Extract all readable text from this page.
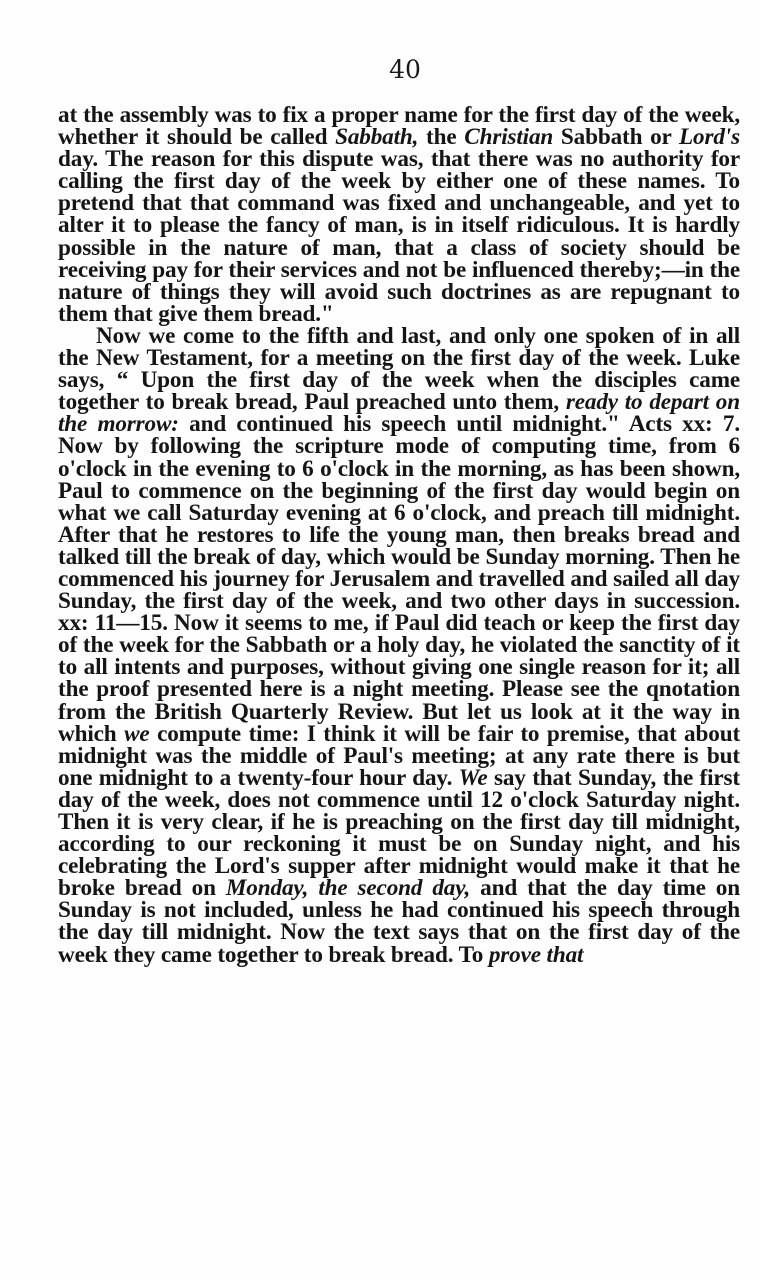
40

at the assembly was to fix a proper name for the first day of the week, whether it should be called Sabbath, the Christian Sabbath or Lord's day. The reason for this dispute was, that there was no authority for calling the first day of the week by either one of these names. To pretend that that command was fixed and unchangeable, and yet to alter it to please the fancy of man, is in itself ridiculous. It is hardly possible in the nature of man, that a class of society should be receiving pay for their services and not be influenced thereby;—in the nature of things they will avoid such doctrines as are repugnant to them that give them bread."

Now we come to the fifth and last, and only one spoken of in all the New Testament, for a meeting on the first day of the week. Luke says, “ Upon the first day of the week when the disciples came together to break bread, Paul preached unto them, ready to depart on the morrow: and continued his speech until midnight." Acts xx: 7. Now by following the scripture mode of computing time, from 6 o'clock in the evening to 6 o'clock in the morning, as has been shown, Paul to commence on the beginning of the first day would begin on what we call Saturday evening at 6 o'clock, and preach till midnight. After that he restores to life the young man, then breaks bread and talked till the break of day, which would be Sunday morning. Then he commenced his journey for Jerusalem and travelled and sailed all day Sunday, the first day of the week, and two other days in succession. xx: 11—15. Now it seems to me, if Paul did teach or keep the first day of the week for the Sabbath or a holy day, he violated the sanctity of it to all intents and purposes, without giving one single reason for it; all the proof presented here is a night meeting. Please see the qnotation from the British Quarterly Review. But let us look at it the way in which we compute time: I think it will be fair to premise, that about midnight was the middle of Paul's meeting; at any rate there is but one midnight to a twenty-four hour day. We say that Sunday, the first day of the week, does not commence until 12 o'clock Saturday night. Then it is very clear, if he is preaching on the first day till midnight, according to our reckoning it must be on Sunday night, and his celebrating the Lord's supper after midnight would make it that he broke bread on Monday, the second day, and that the day time on Sunday is not included, unless he had continued his speech through the day till midnight. Now the text says that on the first day of the week they came together to break bread. To prove that
